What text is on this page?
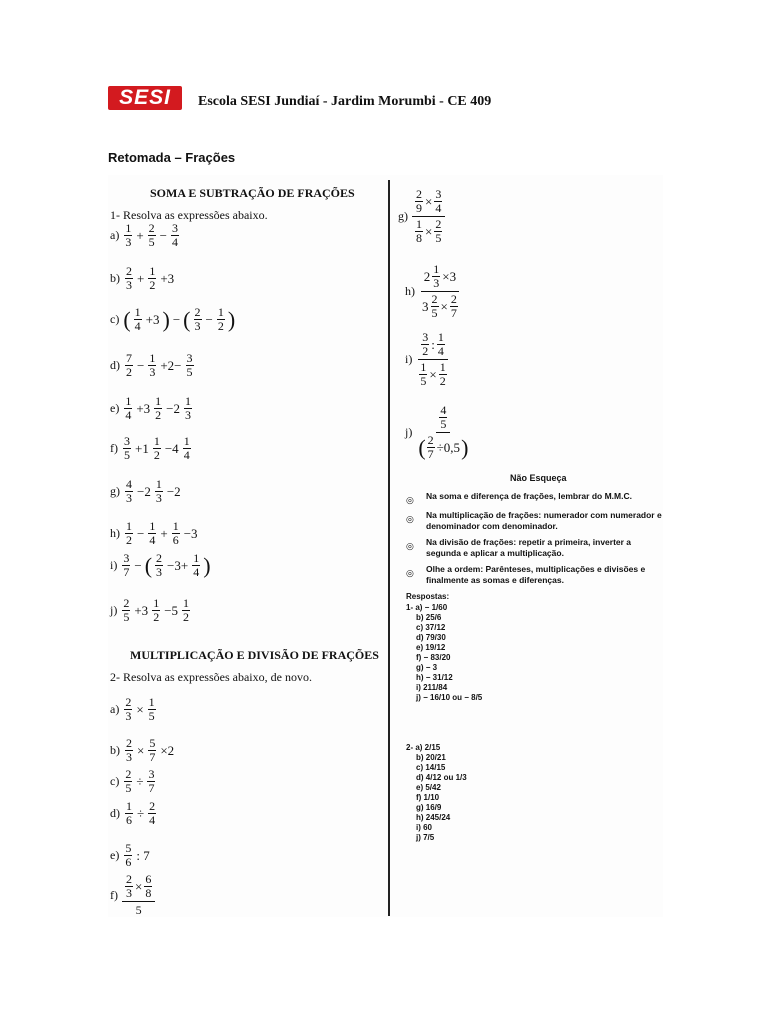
SESI Escola SESI Jundiaí - Jardim Morumbi - CE 409
Retomada – Frações
SOMA E SUBTRAÇÃO DE FRAÇÕES
1- Resolva as expressões abaixo.
a) 1
$3 + \frac{2}{5} - \frac{3}{4}$
b) 2
$3 + \frac{1}{2} +3$
c) ( 1
4 +3 ) − ( 2
$3 - \frac{1}{2}$ )
d) 7
$2 - \frac{1}{3} +2- \frac{3}{5}$
e) 1
4 +3 1
2 −2 1
3
f) 3
5 +1 1
2 −4 1
4
g) 4
3 −2 1
3 −2
h) 1
$2 - \frac{1}{4} + \frac{1}{6} -3$
i) 3
7 − ( 2
$3 -3+ \frac{1}{4}$ )
j) 2
5 +3 1
2 −5 1
2
MULTIPLICAÇÃO E DIVISÃO DE FRAÇÕES
2- Resolva as expressões abaixo, de novo.
$a) \frac{2}{3} \times \frac{1}{5}$
$b) \frac{2}{3} \times \frac{5}{7} \times 2$
$c) \frac{2}{5} \div \frac{3}{7}$
$d) \frac{1}{6} \div \frac{2}{4}$
e) 5
6 : 7
$f) \frac{2}{3} \times \frac{6}{8}$
5
g)
$\frac{2}{9} \times \frac{3}{4}$
$\frac{1}{8} \times \frac{2}{5}$
h)
$2 \frac{1}{3} \times 3$
$3 \frac{2}{5} \times \frac{2}{7}$
i)
3
2 : 1
4
$\frac{1}{5} \times \frac{1}{2}$
j)
4
5
( $\frac{2}{7} \div 0,5$ )
Não Esqueça
◎ Na soma e diferença de frações, lembrar do M.M.C.
◎ Na multiplicação de frações: numerador com numerador e denominador com denominador.
◎ Na divisão de frações: repetir a primeira, inverter a segunda e aplicar a multiplicação.
◎ Olhe a ordem: Parênteses, multiplicações e divisões e finalmente as somas e diferenças.
Respostas:
1- a) − 1/60
b) 25/6
c) 37/12
d) 79/30
e) 19/12
f) − 83/20
g) − 3
h) − 31/12
i) 211/84
j) − 16/10 ou − 8/5
2- a) 2/15
b) 20/21
c) 14/15
d) 4/12 ou 1/3
e) 5/42
f) 1/10
g) 16/9
h) 245/24
i) 60
j) 7/5
